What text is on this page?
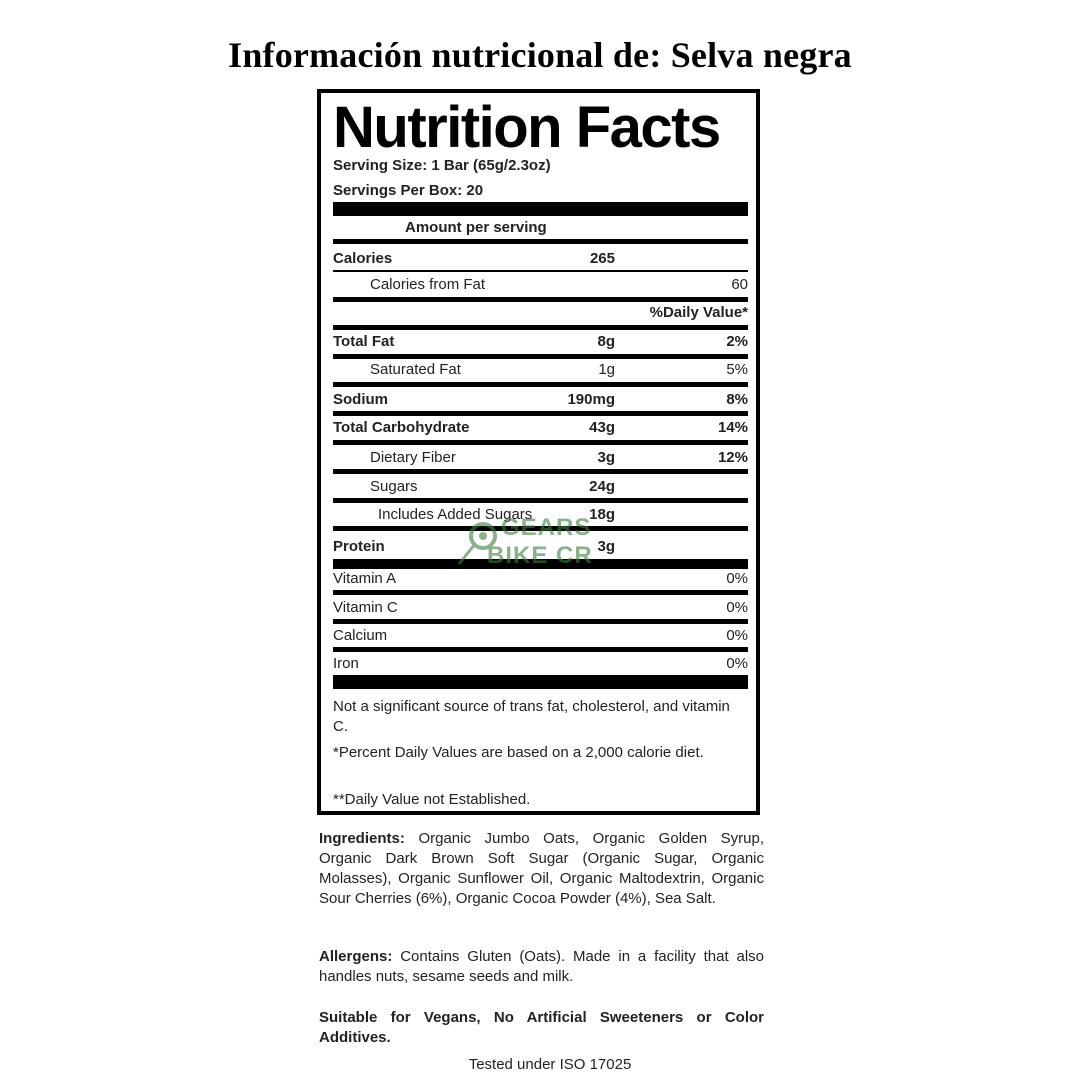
Información nutricional de: Selva negra
Nutrition Facts
Serving Size: 1 Bar (65g/2.3oz)
Servings Per Box: 20
Amount per serving
Calories	265
Calories from Fat	60
%Daily Value*
Total Fat	8g	2%
Saturated Fat	1g	5%
Sodium	190mg	8%
Total Carbohydrate	43g	14%
Dietary Fiber	3g	12%
Sugars	24g
Includes Added Sugars	18g
Protein	3g
Vitamin A	0%
Vitamin C	0%
Calcium	0%
Iron	0%
Not a significant source of trans fat, cholesterol, and vitamin C.
*Percent Daily Values are based on a 2,000 calorie diet.
**Daily Value not Established.
Ingredients: Organic Jumbo Oats, Organic Golden Syrup, Organic Dark Brown Soft Sugar (Organic Sugar, Organic Molasses), Organic Sunflower Oil, Organic Maltodextrin, Organic Sour Cherries (6%), Organic Cocoa Powder (4%), Sea Salt.
Allergens: Contains Gluten (Oats). Made in a facility that also handles nuts, sesame seeds and milk.
Suitable for Vegans, No Artificial Sweeteners or Color Additives.
Tested under ISO 17025
GEARS
BIKE CR
